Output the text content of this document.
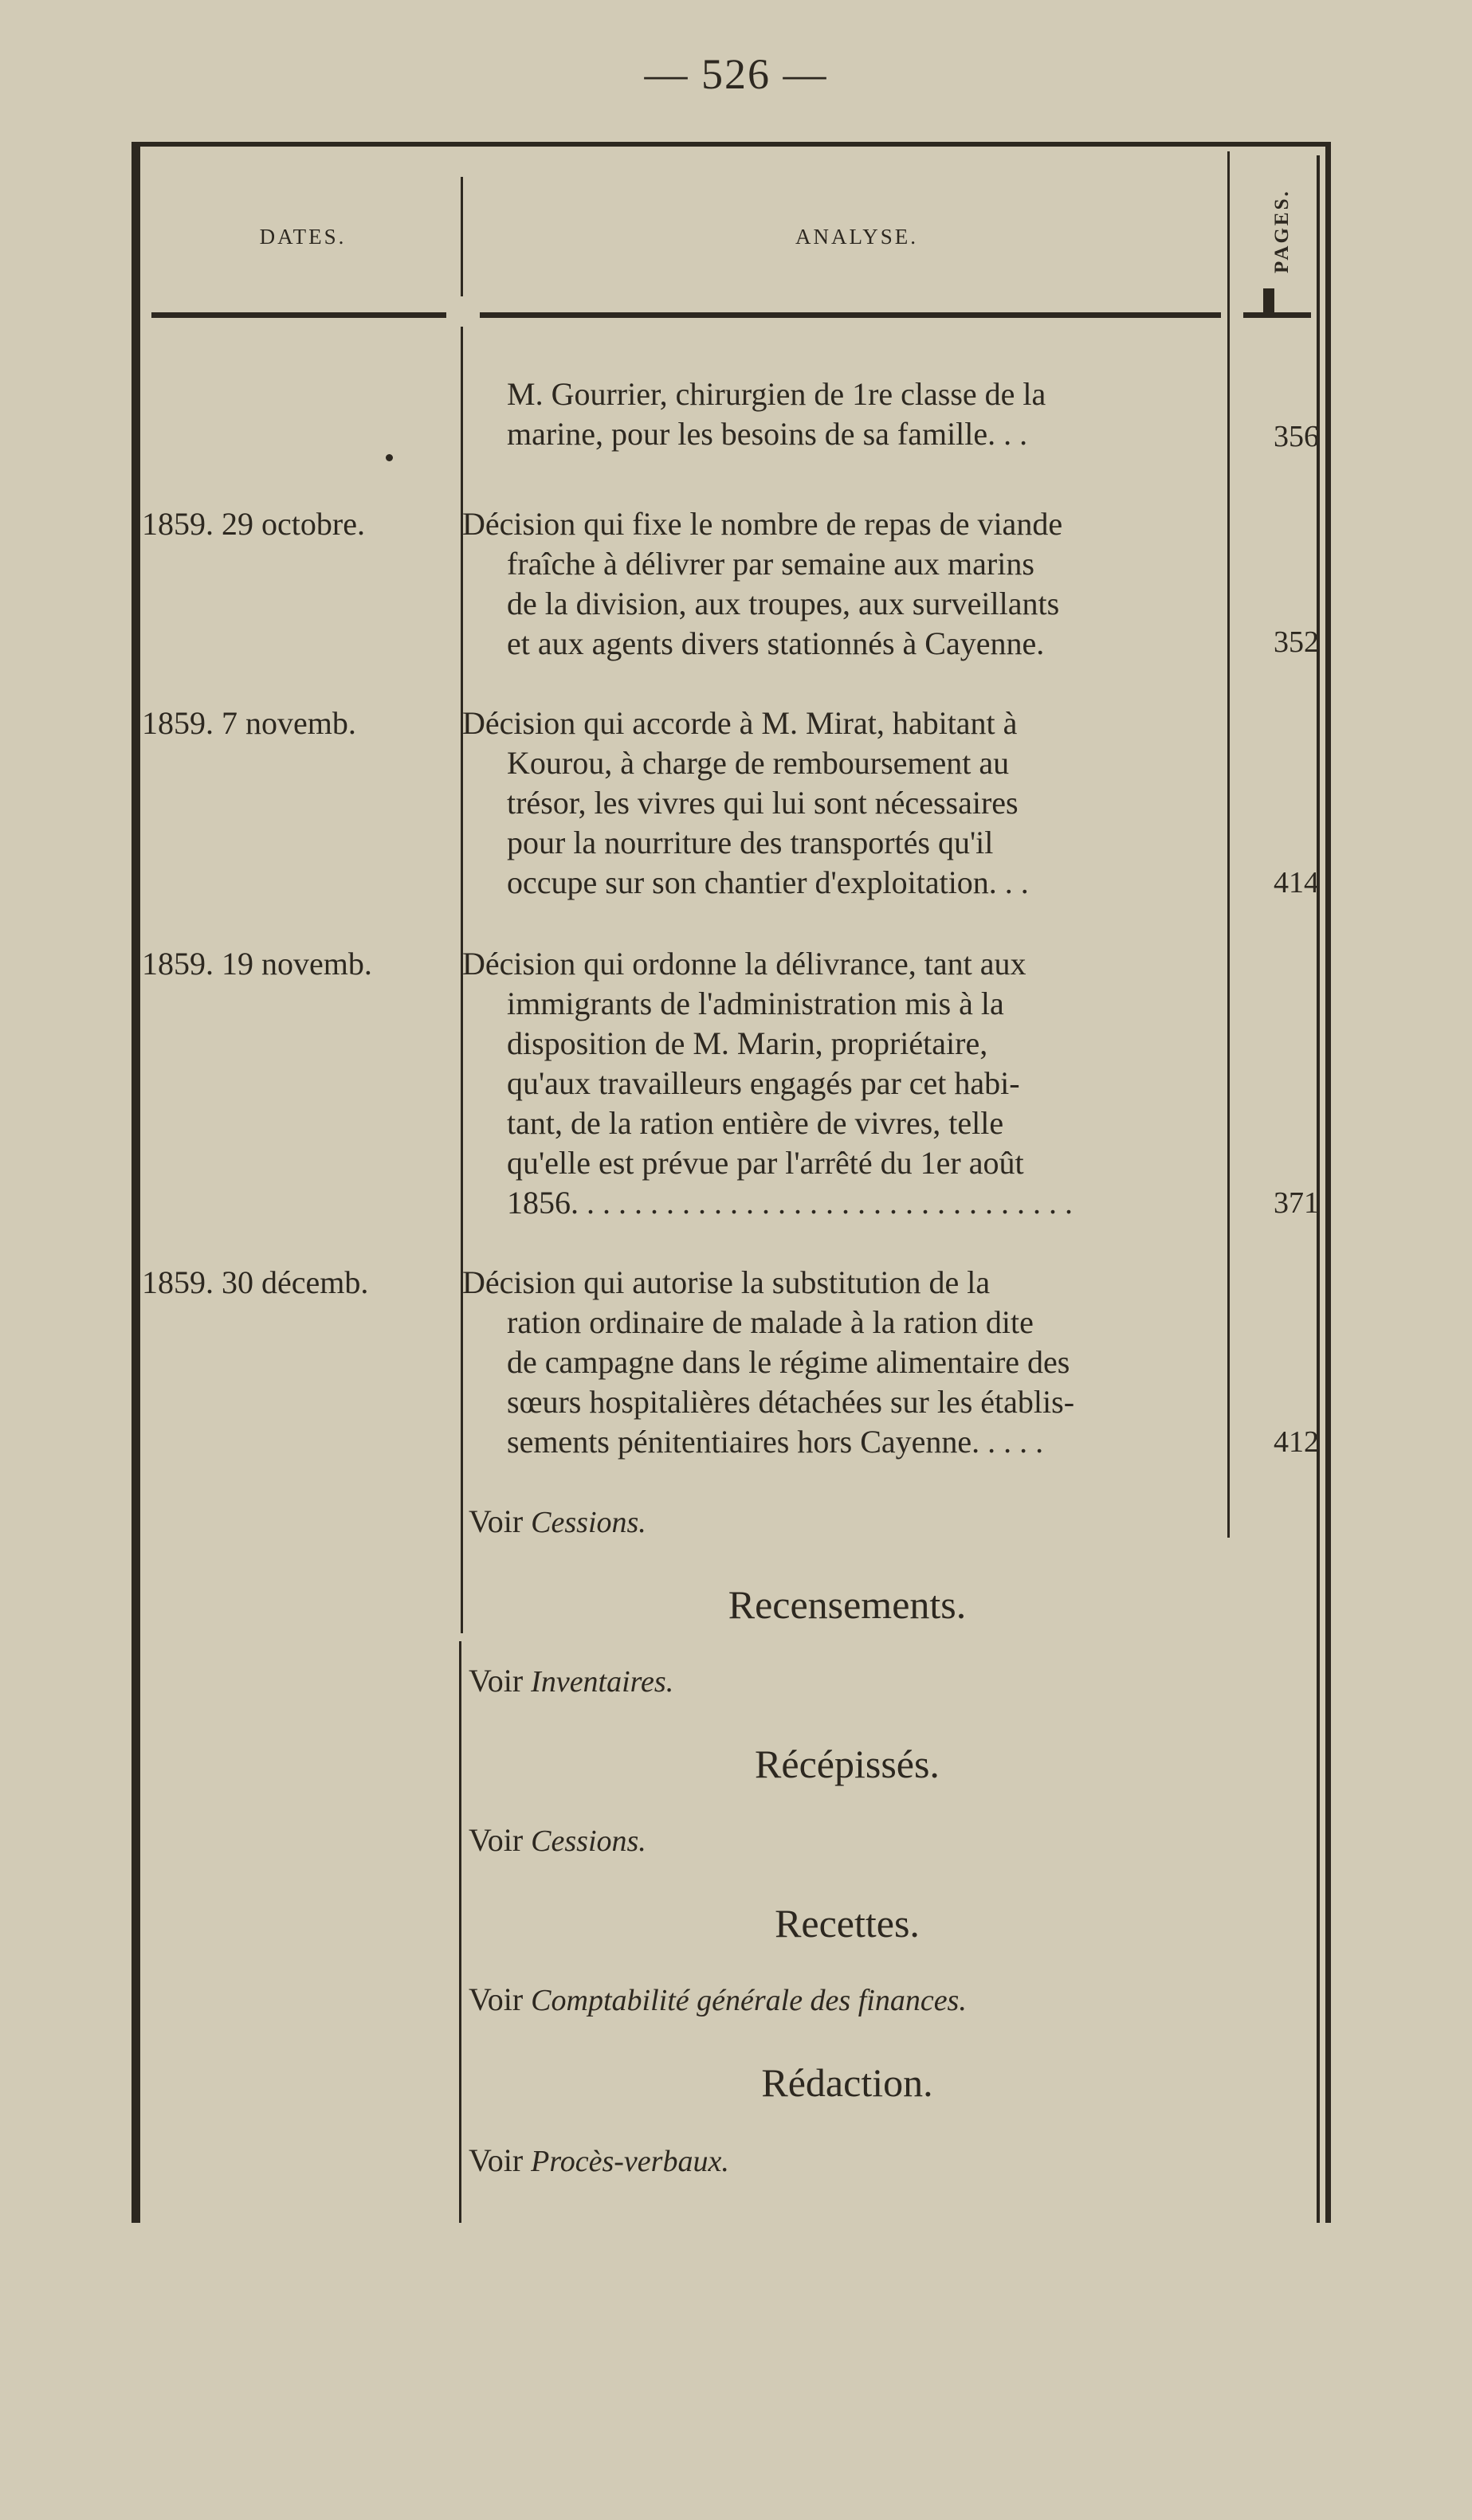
— 526 —
DATES.	ANALYSE.	PAGES.
M. Gourrier, chirurgien de 1re classe de la
marine, pour les besoins de sa famille. . .	356
1859. 29 octobre.	Décision qui fixe le nombre de repas de viande
fraîche à délivrer par semaine aux marins
de la division, aux troupes, aux surveillants
et aux agents divers stationnés à Cayenne.	352
1859. 7 novemb.	Décision qui accorde à M. Mirat, habitant à
Kourou, à charge de remboursement au
trésor, les vivres qui lui sont nécessaires
pour la nourriture des transportés qu'il
occupe sur son chantier d'exploitation. . .	414
1859. 19 novemb.	Décision qui ordonne la délivrance, tant aux
immigrants de l'administration mis à la
disposition de M. Marin, propriétaire,
qu'aux travailleurs engagés par cet habi-
tant, de la ration entière de vivres, telle
qu'elle est prévue par l'arrêté du 1er août
1856. . . . . . . . . . . . . . . . . . . . . . . . . . . . . . . .	371
1859. 30 décemb.	Décision qui autorise la substitution de la
ration ordinaire de malade à la ration dite
de campagne dans le régime alimentaire des
sœurs hospitalières détachées sur les établis-
sements pénitentiaires hors Cayenne. . . . .	412
Voir Cessions.
Recensements.
Voir Inventaires.
Récépissés.
Voir Cessions.
Recettes.
Voir Comptabilité générale des finances.
Rédaction.
Voir Procès-verbaux.
